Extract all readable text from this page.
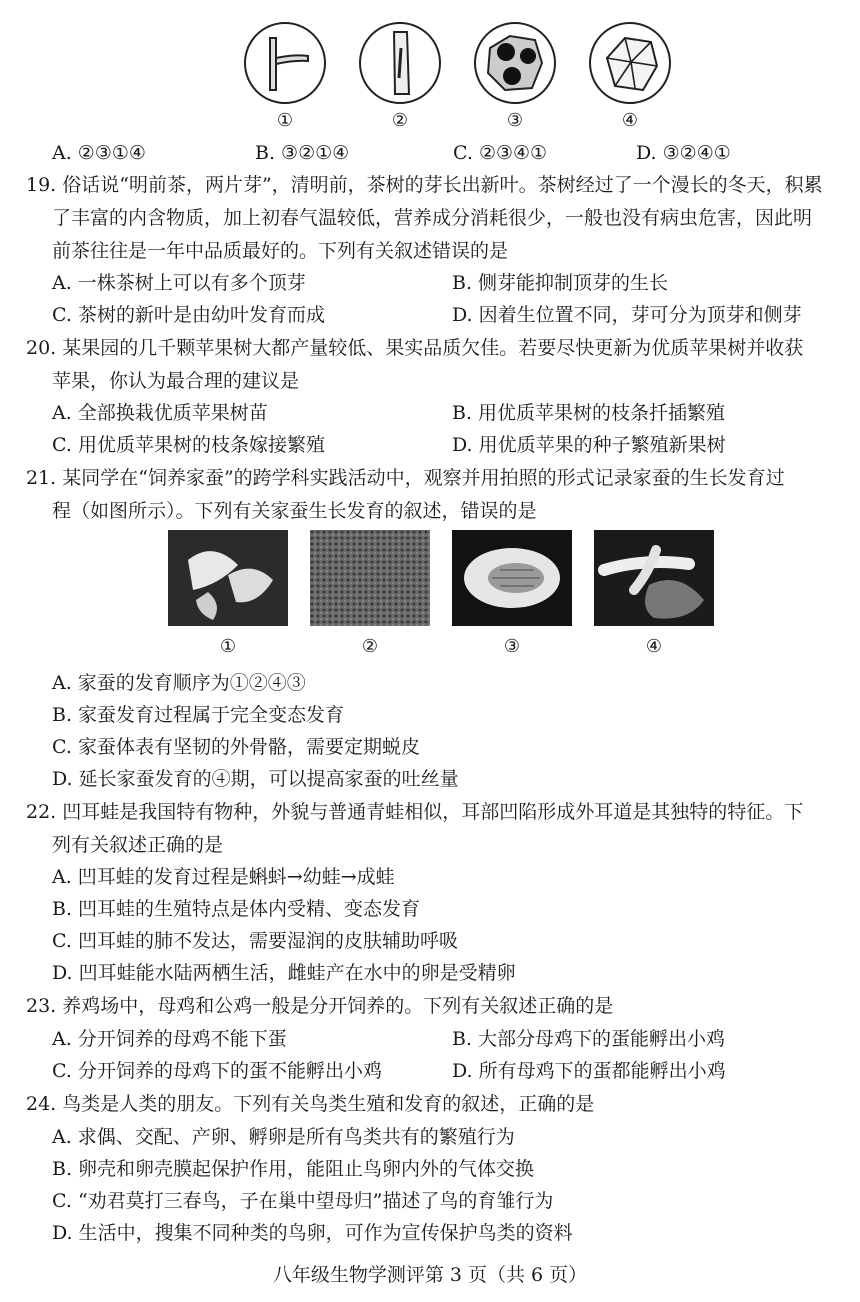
①	②	③	④
A. ②③①④	B. ③②①④	C. ②③④①	D. ③②④①
19. 俗话说“明前茶，两片芽”，清明前，茶树的芽长出新叶。茶树经过了一个漫长的冬天，积累
了丰富的内含物质，加上初春气温较低，营养成分消耗很少，一般也没有病虫危害，因此明
前茶往往是一年中品质最好的。下列有关叙述错误的是
A. 一株茶树上可以有多个顶芽	B. 侧芽能抑制顶芽的生长
C. 茶树的新叶是由幼叶发育而成	D. 因着生位置不同，芽可分为顶芽和侧芽
20. 某果园的几千颗苹果树大都产量较低、果实品质欠佳。若要尽快更新为优质苹果树并收获
苹果，你认为最合理的建议是
A. 全部换栽优质苹果树苗	B. 用优质苹果树的枝条扦插繁殖
C. 用优质苹果树的枝条嫁接繁殖	D. 用优质苹果的种子繁殖新果树
21. 某同学在“饲养家蚕”的跨学科实践活动中，观察并用拍照的形式记录家蚕的生长发育过
程（如图所示）。下列有关家蚕生长发育的叙述，错误的是
①	②	③	④
A. 家蚕的发育顺序为①②④③
B. 家蚕发育过程属于完全变态发育
C. 家蚕体表有坚韧的外骨骼，需要定期蜕皮
D. 延长家蚕发育的④期，可以提高家蚕的吐丝量
22. 凹耳蛙是我国特有物种，外貌与普通青蛙相似，耳部凹陷形成外耳道是其独特的特征。下
列有关叙述正确的是
A. 凹耳蛙的发育过程是蝌蚪→幼蛙→成蛙
B. 凹耳蛙的生殖特点是体内受精、变态发育
C. 凹耳蛙的肺不发达，需要湿润的皮肤辅助呼吸
D. 凹耳蛙能水陆两栖生活，雌蛙产在水中的卵是受精卵
23. 养鸡场中，母鸡和公鸡一般是分开饲养的。下列有关叙述正确的是
A. 分开饲养的母鸡不能下蛋	B. 大部分母鸡下的蛋能孵出小鸡
C. 分开饲养的母鸡下的蛋不能孵出小鸡	D. 所有母鸡下的蛋都能孵出小鸡
24. 鸟类是人类的朋友。下列有关鸟类生殖和发育的叙述，正确的是
A. 求偶、交配、产卵、孵卵是所有鸟类共有的繁殖行为
B. 卵壳和卵壳膜起保护作用，能阻止鸟卵内外的气体交换
C. “劝君莫打三春鸟，子在巢中望母归”描述了鸟的育雏行为
D. 生活中，搜集不同种类的鸟卵，可作为宣传保护鸟类的资料
八年级生物学测评第 3 页（共 6 页）
